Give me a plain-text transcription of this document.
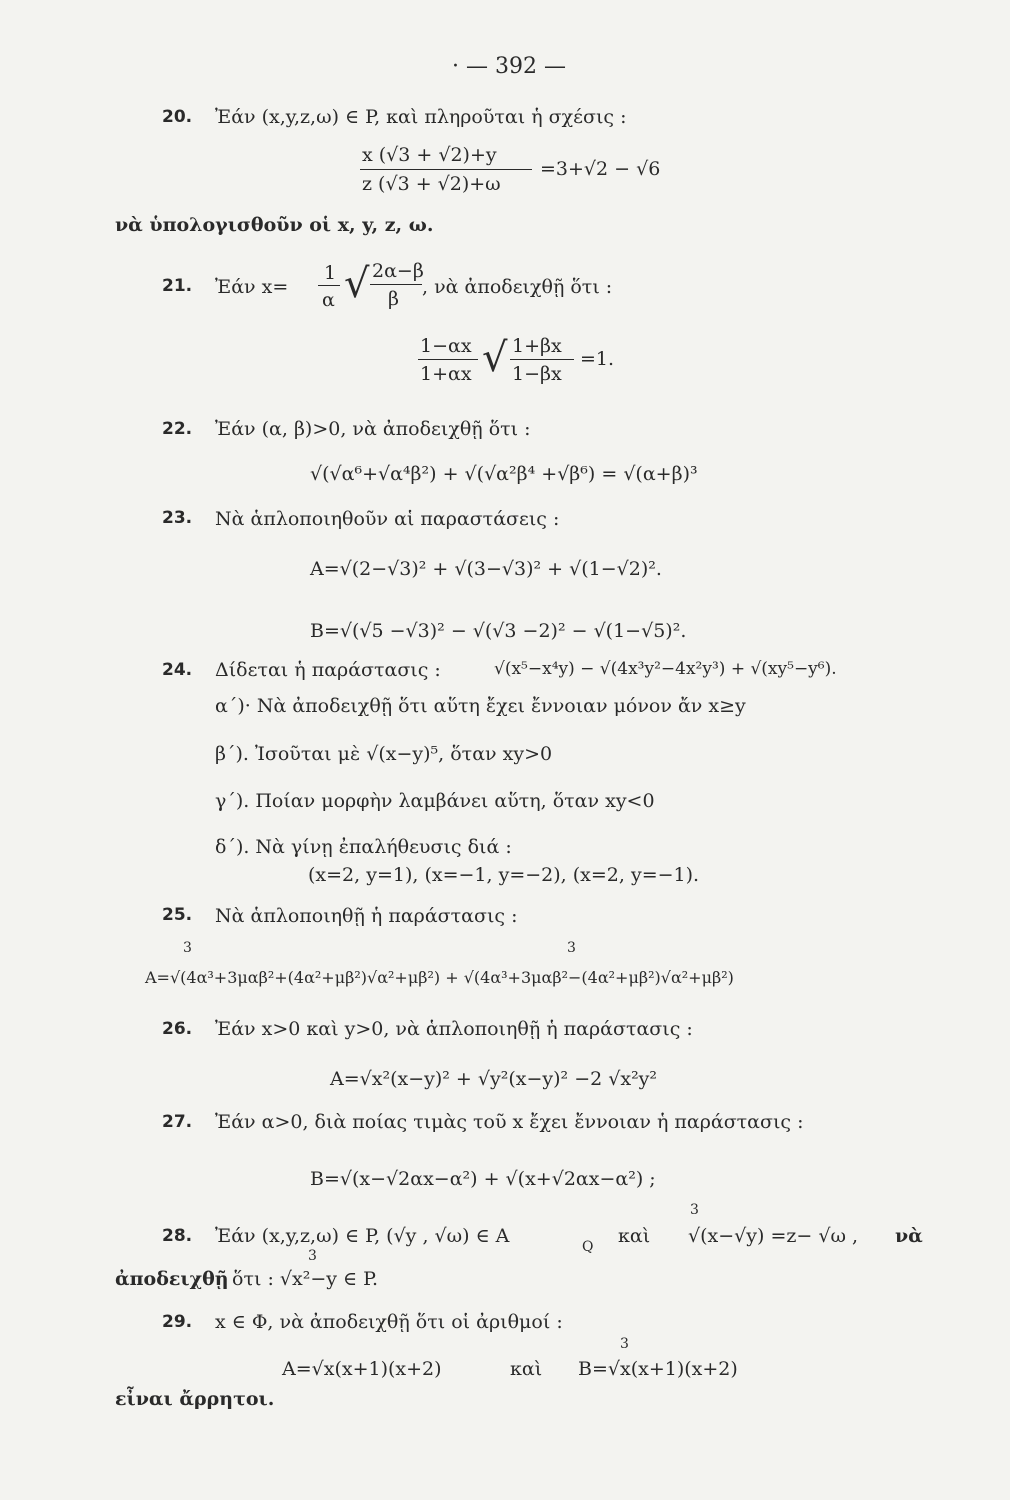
· — 392 —
20. Ἐάν (x,y,z,ω) ∈ P, καὶ πληροῦται ἡ σχέσις :
x (√3 + √2)+y
z (√3 + √2)+ω
=3+√2 − √6
νὰ ὑπολογισθοῦν οἱ x, y, z, ω.
21. Ἐάν x=
1
α √ 2α−β
β
, νὰ ἀποδειχθῇ ὅτι :
1−αx
1+αx √ 1+βx
1−βx
=1.
22. Ἐάν (α, β)>0, νὰ ἀποδειχθῇ ὅτι :
√(√α⁶+√α⁴β²) + √(√α²β⁴ +√β⁶) = √(α+β)³
23. Νὰ ἁπλοποιηθοῦν αἱ παραστάσεις :
A=√(2−√3)² + √(3−√3)² + √(1−√2)².
B=√(√5 −√3)² − √(√3 −2)² − √(1−√5)².
24. Δίδεται ἡ παράστασις :	√(x⁵−x⁴y) − √(4x³y²−4x²y³) + √(xy⁵−y⁶).
α΄)· Νὰ ἀποδειχθῇ ὅτι αὕτη ἔχει ἔννοιαν μόνον ἄν x≥y
β΄). Ἰσοῦται μὲ √(x−y)⁵, ὅταν xy>0
γ΄). Ποίαν μορφὴν λαμβάνει αὕτη, ὅταν xy<0
δ΄). Νὰ γίνῃ ἐπαλήθευσις διά :
(x=2, y=1), (x=−1, y=−2), (x=2, y=−1).
25. Νὰ ἁπλοποιηθῇ ἡ παράστασις :
3	3
A=√(4α³+3μαβ²+(4α²+μβ²)√α²+μβ²) + √(4α³+3μαβ²−(4α²+μβ²)√α²+μβ²)
26. Ἐάν x>0 καὶ y>0, νὰ ἁπλοποιηθῇ ἡ παράστασις :
A=√x²(x−y)² + √y²(x−y)² −2 √x²y²
27. Ἐάν α>0, διὰ ποίας τιμὰς τοῦ x ἔχει ἔννοιαν ἡ παράστασις :
B=√(x−√2αx−α²) + √(x+√2αx−α²) ;
3
28. Ἐάν (x,y,z,ω) ∈ P, (√y , √ω) ∈ A	Q καὶ √(x−√y) =z− √ω , νὰ
3
ἀποδειχθῇ ὅτι : √x²−y ∈ P.
29. x ∈ Φ, νὰ ἀποδειχθῇ ὅτι οἱ ἀριθμοί :
3
A=√x(x+1)(x+2)	καὶ B=√x(x+1)(x+2)
εἶναι ἄρρητοι.
